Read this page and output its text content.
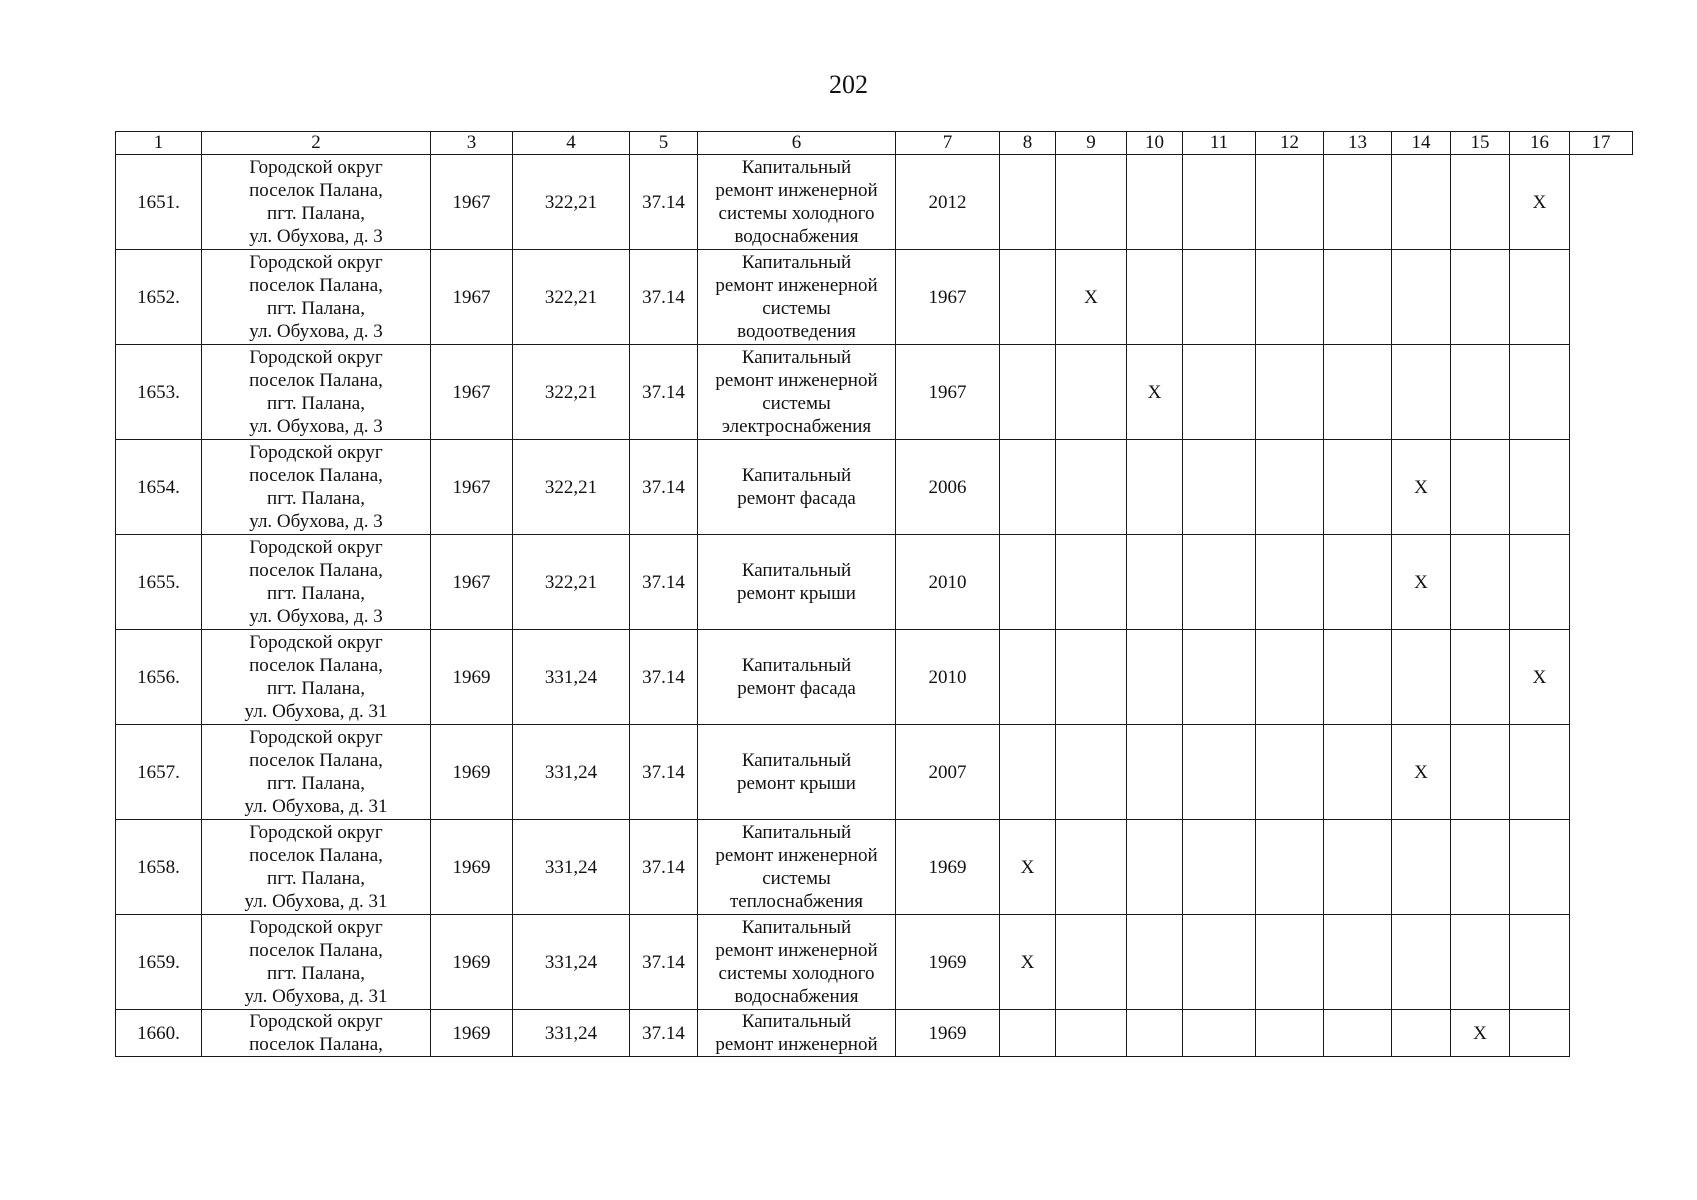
202
1	2	3	4	5	6	7	8	9	10	11	12	13	14	15	16	17
1651.	Городской округ
поселок Палана,
пгт. Палана,
ул. Обухова, д. 3	1967	322,21	37.14	Капитальный
ремонт инженерной
системы холодного
водоснабжения	2012									X	
1652.	Городской округ
поселок Палана,
пгт. Палана,
ул. Обухова, д. 3	1967	322,21	37.14	Капитальный
ремонт инженерной
системы
водоотведения	1967		X								
1653.	Городской округ
поселок Палана,
пгт. Палана,
ул. Обухова, д. 3	1967	322,21	37.14	Капитальный
ремонт инженерной
системы
электроснабжения	1967			X							
1654.	Городской округ
поселок Палана,
пгт. Палана,
ул. Обухова, д. 3	1967	322,21	37.14	Капитальный
ремонт фасада	2006							X			
1655.	Городской округ
поселок Палана,
пгт. Палана,
ул. Обухова, д. 3	1967	322,21	37.14	Капитальный
ремонт крыши	2010							X			
1656.	Городской округ
поселок Палана,
пгт. Палана,
ул. Обухова, д. 31	1969	331,24	37.14	Капитальный
ремонт фасада	2010									X	
1657.	Городской округ
поселок Палана,
пгт. Палана,
ул. Обухова, д. 31	1969	331,24	37.14	Капитальный
ремонт крыши	2007							X			
1658.	Городской округ
поселок Палана,
пгт. Палана,
ул. Обухова, д. 31	1969	331,24	37.14	Капитальный
ремонт инженерной
системы
теплоснабжения	1969	X									
1659.	Городской округ
поселок Палана,
пгт. Палана,
ул. Обухова, д. 31	1969	331,24	37.14	Капитальный
ремонт инженерной
системы холодного
водоснабжения	1969	X									
1660.	Городской округ
поселок Палана,	1969	331,24	37.14	Капитальный
ремонт инженерной	1969								X		
